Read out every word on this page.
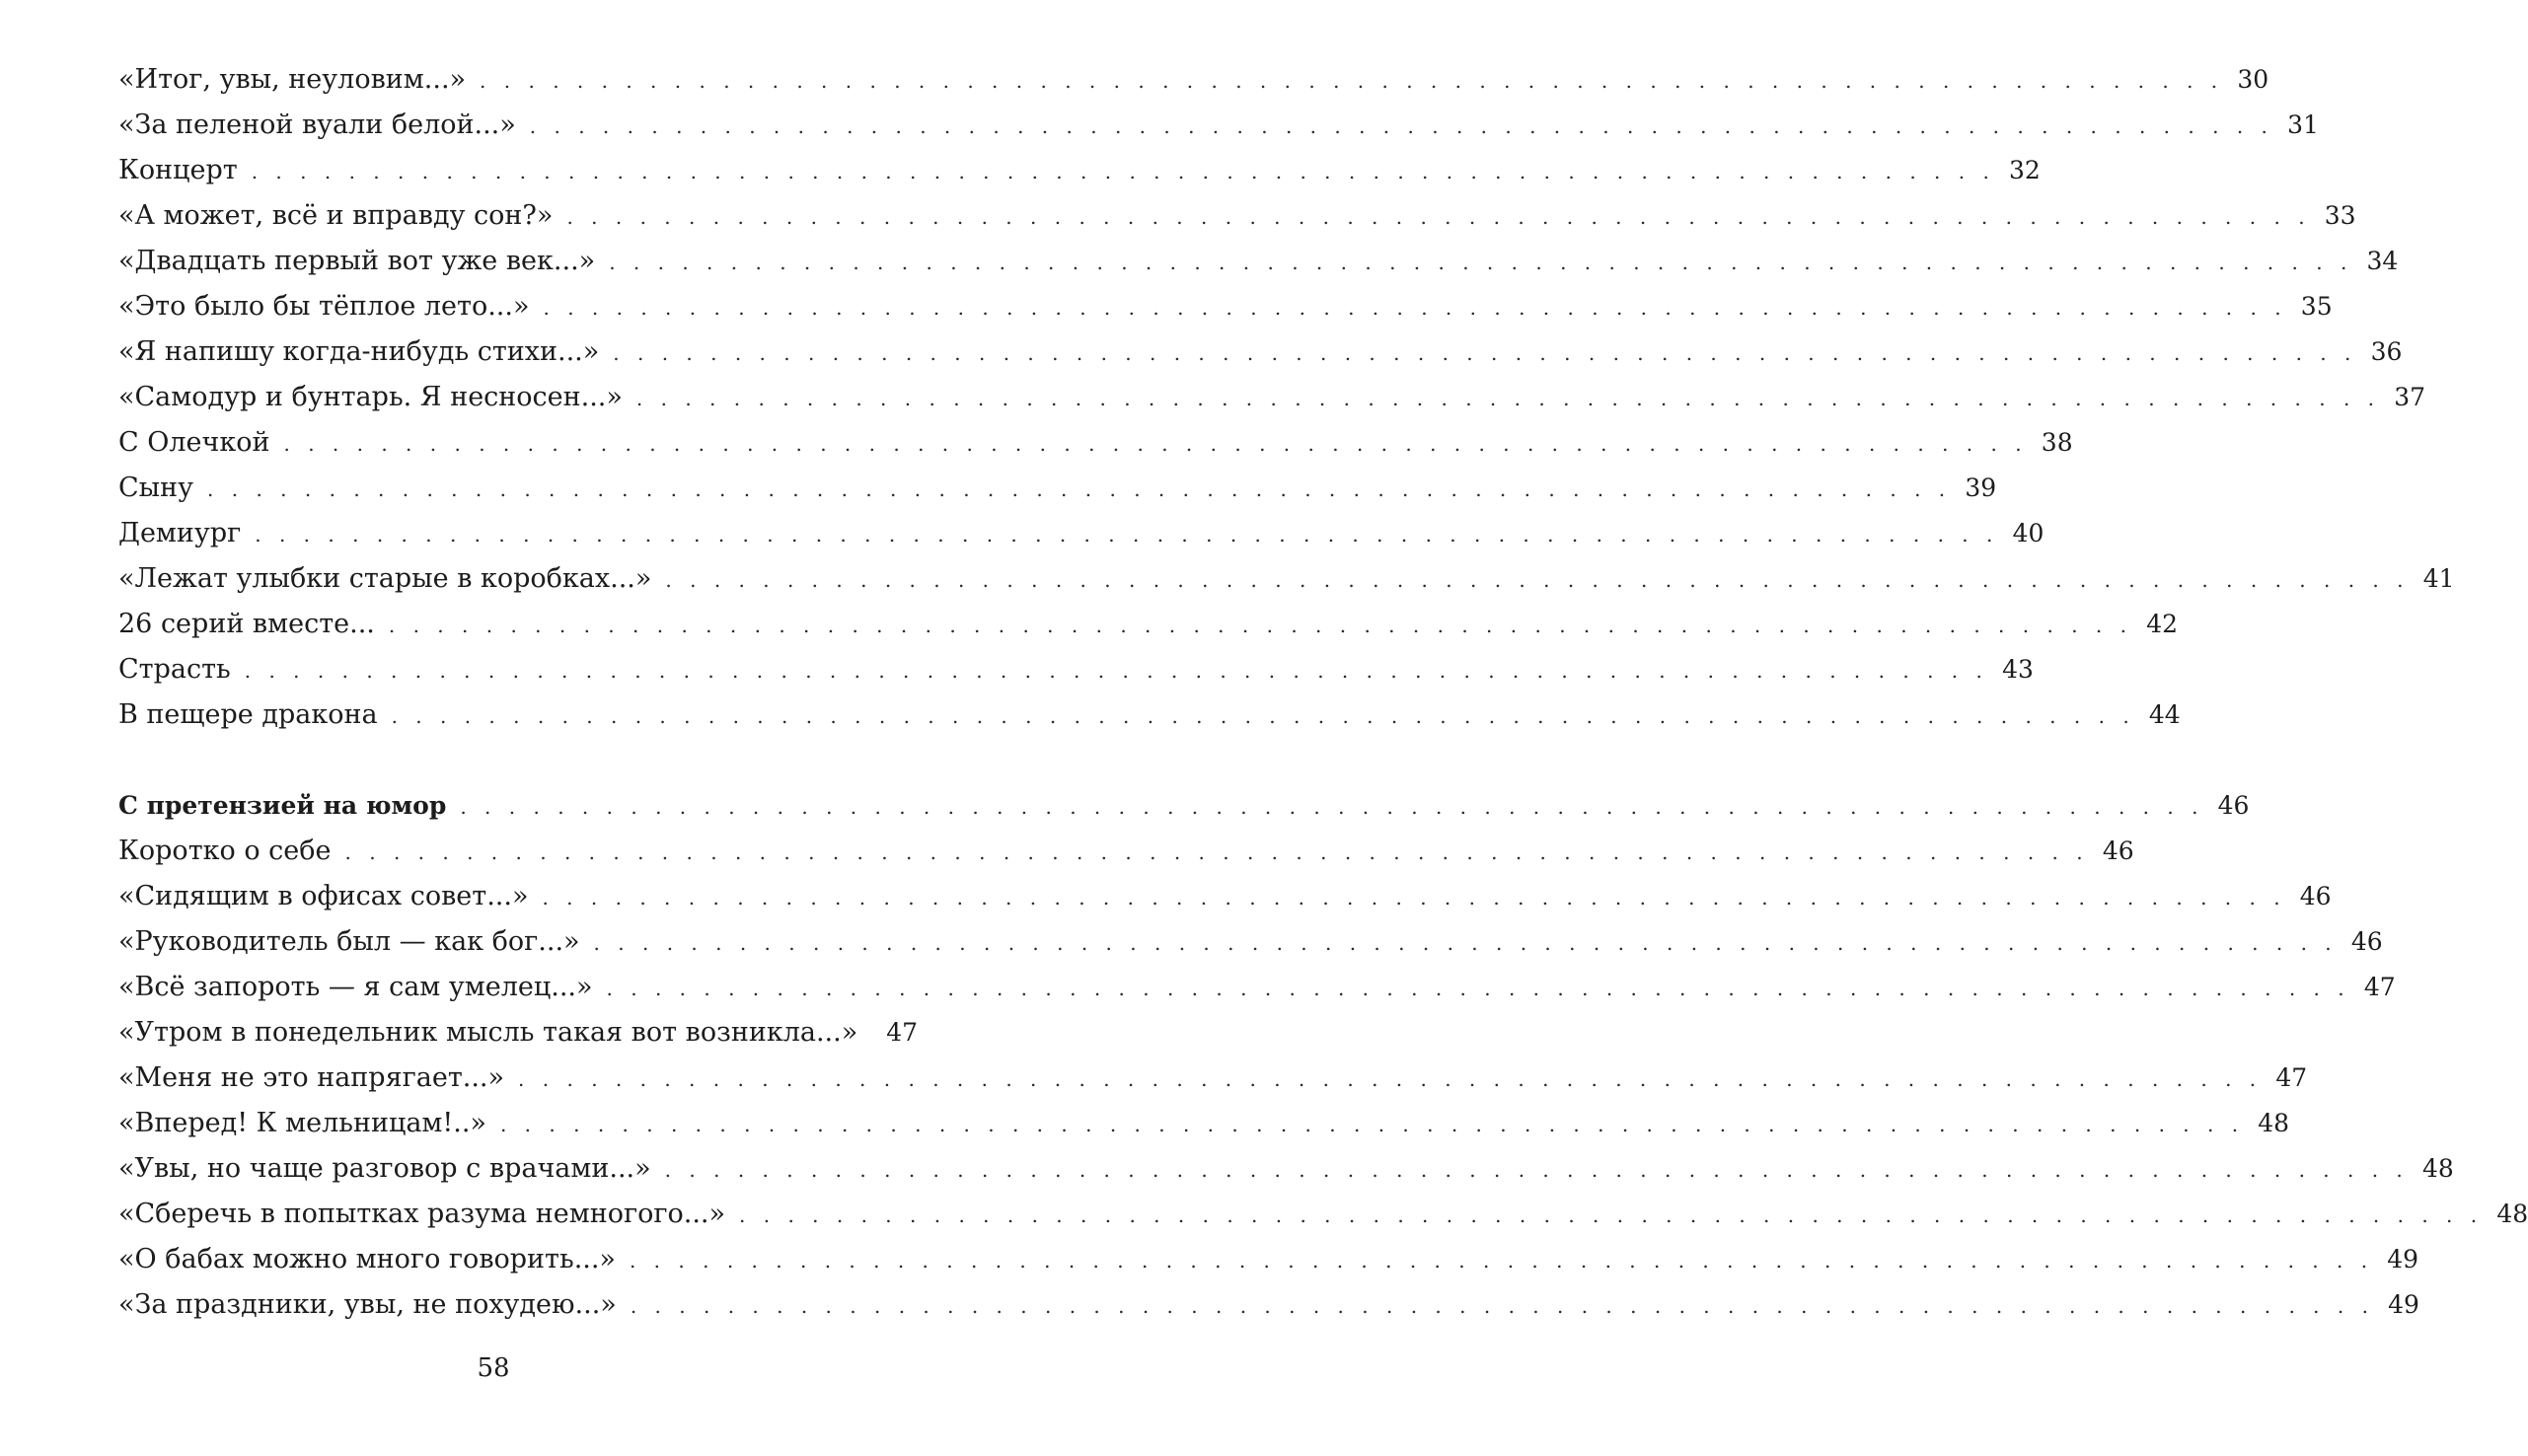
«Итог, увы, неуловим...» . . . . . . . . . . . . . . . . . . . . . . . . . . . . . . . . . . . . . . . . . . . . . . . . . . . . . . . . . . . . . . . . . . . . . . . . 30
«За пеленой вуали белой...» . . . . . . . . . . . . . . . . . . . . . . . . . . . . . . . . . . . . . . . . . . . . . . . . . . . . . . . . . . . . . . . . . . . . . . . . 31
Концерт . . . . . . . . . . . . . . . . . . . . . . . . . . . . . . . . . . . . . . . . . . . . . . . . . . . . . . . . . . . . . . . . . . . . . . . . 32
«А может, всё и вправду сон?» . . . . . . . . . . . . . . . . . . . . . . . . . . . . . . . . . . . . . . . . . . . . . . . . . . . . . . . . . . . . . . . . . . . . . . . . 33
«Двадцать первый вот уже век...» . . . . . . . . . . . . . . . . . . . . . . . . . . . . . . . . . . . . . . . . . . . . . . . . . . . . . . . . . . . . . . . . . . . . . . . . 34
«Это было бы тёплое лето...» . . . . . . . . . . . . . . . . . . . . . . . . . . . . . . . . . . . . . . . . . . . . . . . . . . . . . . . . . . . . . . . . . . . . . . . . 35
«Я напишу когда-нибудь стихи...» . . . . . . . . . . . . . . . . . . . . . . . . . . . . . . . . . . . . . . . . . . . . . . . . . . . . . . . . . . . . . . . . . . . . . . . . 36
«Самодур и бунтарь. Я несносен...» . . . . . . . . . . . . . . . . . . . . . . . . . . . . . . . . . . . . . . . . . . . . . . . . . . . . . . . . . . . . . . . . . . . . . . . . 37
С Олечкой . . . . . . . . . . . . . . . . . . . . . . . . . . . . . . . . . . . . . . . . . . . . . . . . . . . . . . . . . . . . . . . . . . . . . . . . 38
Сыну . . . . . . . . . . . . . . . . . . . . . . . . . . . . . . . . . . . . . . . . . . . . . . . . . . . . . . . . . . . . . . . . . . . . . . . . 39
Демиург . . . . . . . . . . . . . . . . . . . . . . . . . . . . . . . . . . . . . . . . . . . . . . . . . . . . . . . . . . . . . . . . . . . . . . . . 40
«Лежат улыбки старые в коробках...» . . . . . . . . . . . . . . . . . . . . . . . . . . . . . . . . . . . . . . . . . . . . . . . . . . . . . . . . . . . . . . . . . . . . . . . . 41
26 серий вместе... . . . . . . . . . . . . . . . . . . . . . . . . . . . . . . . . . . . . . . . . . . . . . . . . . . . . . . . . . . . . . . . . . . . . . . . . 42
Страсть . . . . . . . . . . . . . . . . . . . . . . . . . . . . . . . . . . . . . . . . . . . . . . . . . . . . . . . . . . . . . . . . . . . . . . . . 43
В пещере дракона . . . . . . . . . . . . . . . . . . . . . . . . . . . . . . . . . . . . . . . . . . . . . . . . . . . . . . . . . . . . . . . . . . . . . . . . 44
С претензией на юмор . . . . . . . . . . . . . . . . . . . . . . . . . . . . . . . . . . . . . . . . . . . . . . . . . . . . . . . . . . . . . . . . . . . . . . . . 46
Коротко о себе . . . . . . . . . . . . . . . . . . . . . . . . . . . . . . . . . . . . . . . . . . . . . . . . . . . . . . . . . . . . . . . . . . . . . . . . 46
«Сидящим в офисах совет...» . . . . . . . . . . . . . . . . . . . . . . . . . . . . . . . . . . . . . . . . . . . . . . . . . . . . . . . . . . . . . . . . . . . . . . . . 46
«Руководитель был — как бог...» . . . . . . . . . . . . . . . . . . . . . . . . . . . . . . . . . . . . . . . . . . . . . . . . . . . . . . . . . . . . . . . . . . . . . . . . 46
«Всё запороть — я сам умелец...» . . . . . . . . . . . . . . . . . . . . . . . . . . . . . . . . . . . . . . . . . . . . . . . . . . . . . . . . . . . . . . . . . . . . . . . . 47
«Утром в понедельник мысль такая вот возникла...»	47
«Меня не это напрягает...» . . . . . . . . . . . . . . . . . . . . . . . . . . . . . . . . . . . . . . . . . . . . . . . . . . . . . . . . . . . . . . . . . . . . . . . . 47
«Вперед! К мельницам!..» . . . . . . . . . . . . . . . . . . . . . . . . . . . . . . . . . . . . . . . . . . . . . . . . . . . . . . . . . . . . . . . . . . . . . . . . 48
«Увы, но чаще разговор с врачами...» . . . . . . . . . . . . . . . . . . . . . . . . . . . . . . . . . . . . . . . . . . . . . . . . . . . . . . . . . . . . . . . . . . . . . . . . 48
«Сберечь в попытках разума немногого...» . . . . . . . . . . . . . . . . . . . . . . . . . . . . . . . . . . . . . . . . . . . . . . . . . . . . . . . . . . . . . . . . . . . . . . . . 48
«О бабах можно много говорить...» . . . . . . . . . . . . . . . . . . . . . . . . . . . . . . . . . . . . . . . . . . . . . . . . . . . . . . . . . . . . . . . . . . . . . . . . 49
«За праздники, увы, не похудею...» . . . . . . . . . . . . . . . . . . . . . . . . . . . . . . . . . . . . . . . . . . . . . . . . . . . . . . . . . . . . . . . . . . . . . . . . 49
58
